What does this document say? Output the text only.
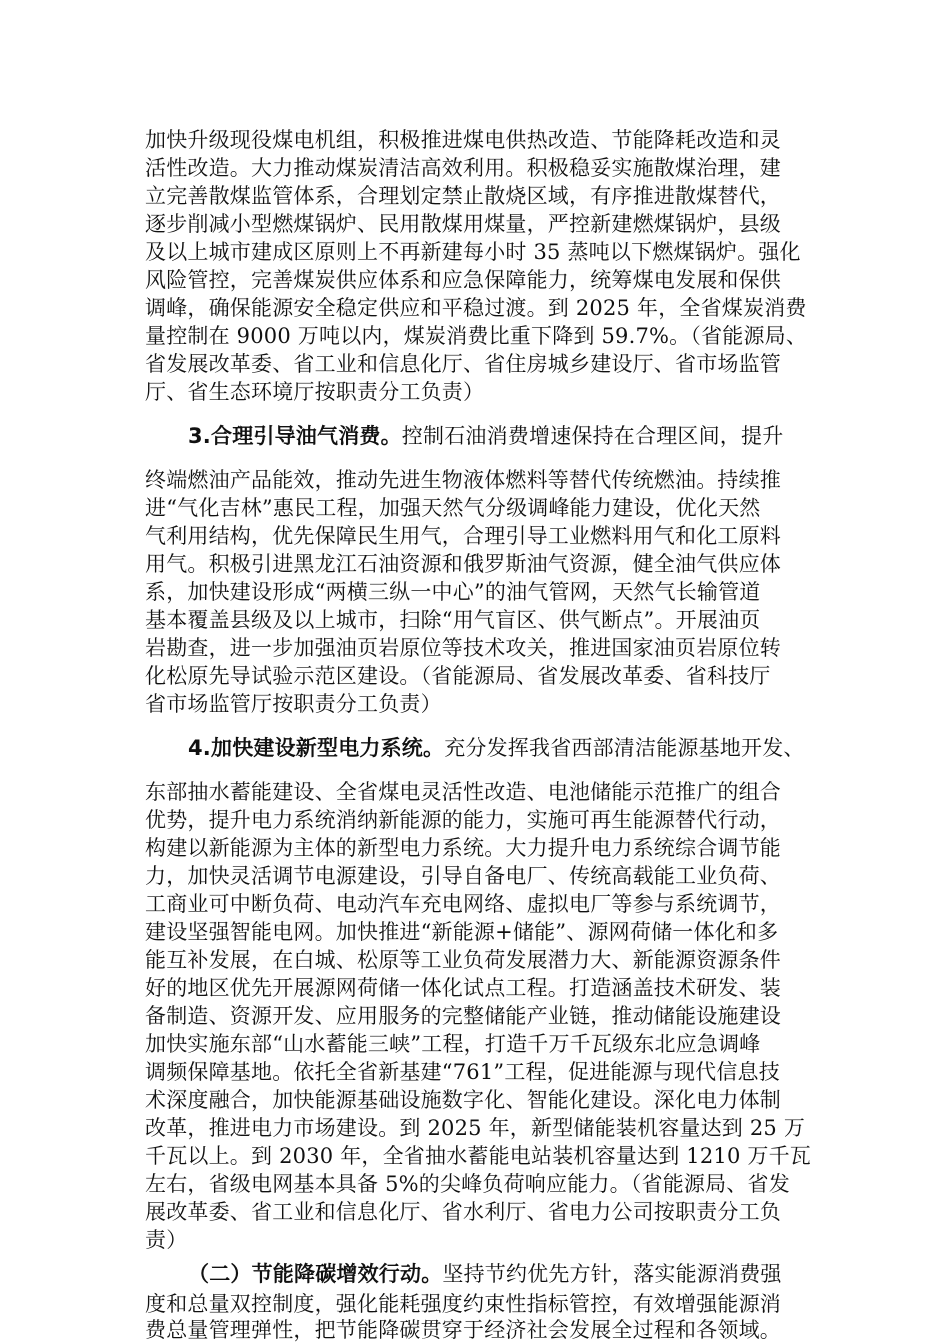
加快升级现役煤电机组，积极推进煤电供热改造、节能降耗改造和灵
活性改造。大力推动煤炭清洁高效利用。积极稳妥实施散煤治理，建
立完善散煤监管体系，合理划定禁止散烧区域，有序推进散煤替代，
逐步削减小型燃煤锅炉、民用散煤用煤量，严控新建燃煤锅炉，县级
及以上城市建成区原则上不再新建每小时 35 蒸吨以下燃煤锅炉。强化
风险管控，完善煤炭供应体系和应急保障能力，统筹煤电发展和保供
调峰，确保能源安全稳定供应和平稳过渡。到 2025 年，全省煤炭消费
量控制在 9000 万吨以内，煤炭消费比重下降到 59.7%。（省能源局、
省发展改革委、省工业和信息化厅、省住房城乡建设厅、省市场监管
厅、省生态环境厅按职责分工负责）
3.合理引导油气消费。控制石油消费增速保持在合理区间，提升
终端燃油产品能效，推动先进生物液体燃料等替代传统燃油。持续推
进“气化吉林”惠民工程，加强天然气分级调峰能力建设，优化天然
气利用结构，优先保障民生用气，合理引导工业燃料用气和化工原料
用气。积极引进黑龙江石油资源和俄罗斯油气资源，健全油气供应体
系，加快建设形成“两横三纵一中心”的油气管网，天然气长输管道
基本覆盖县级及以上城市，扫除“用气盲区、供气断点”。开展油页
岩勘查，进一步加强油页岩原位等技术攻关，推进国家油页岩原位转
化松原先导试验示范区建设。（省能源局、省发展改革委、省科技厅
省市场监管厅按职责分工负责）
4.加快建设新型电力系统。充分发挥我省西部清洁能源基地开发、
东部抽水蓄能建设、全省煤电灵活性改造、电池储能示范推广的组合
优势，提升电力系统消纳新能源的能力，实施可再生能源替代行动，
构建以新能源为主体的新型电力系统。大力提升电力系统综合调节能
力，加快灵活调节电源建设，引导自备电厂、传统高载能工业负荷、
工商业可中断负荷、电动汽车充电网络、虚拟电厂等参与系统调节，
建设坚强智能电网。加快推进“新能源+储能”、源网荷储一体化和多
能互补发展，在白城、松原等工业负荷发展潜力大、新能源资源条件
好的地区优先开展源网荷储一体化试点工程。打造涵盖技术研发、装
备制造、资源开发、应用服务的完整储能产业链，推动储能设施建设
加快实施东部“山水蓄能三峡”工程，打造千万千瓦级东北应急调峰
调频保障基地。依托全省新基建“761”工程，促进能源与现代信息技
术深度融合，加快能源基础设施数字化、智能化建设。深化电力体制
改革，推进电力市场建设。到 2025 年，新型储能装机容量达到 25 万
千瓦以上。到 2030 年，全省抽水蓄能电站装机容量达到 1210 万千瓦
左右，省级电网基本具备 5%的尖峰负荷响应能力。（省能源局、省发
展改革委、省工业和信息化厅、省水利厅、省电力公司按职责分工负
责）
（二）节能降碳增效行动。坚持节约优先方针，落实能源消费强
度和总量双控制度，强化能耗强度约束性指标管控，有效增强能源消
费总量管理弹性，把节能降碳贯穿于经济社会发展全过程和各领域。
